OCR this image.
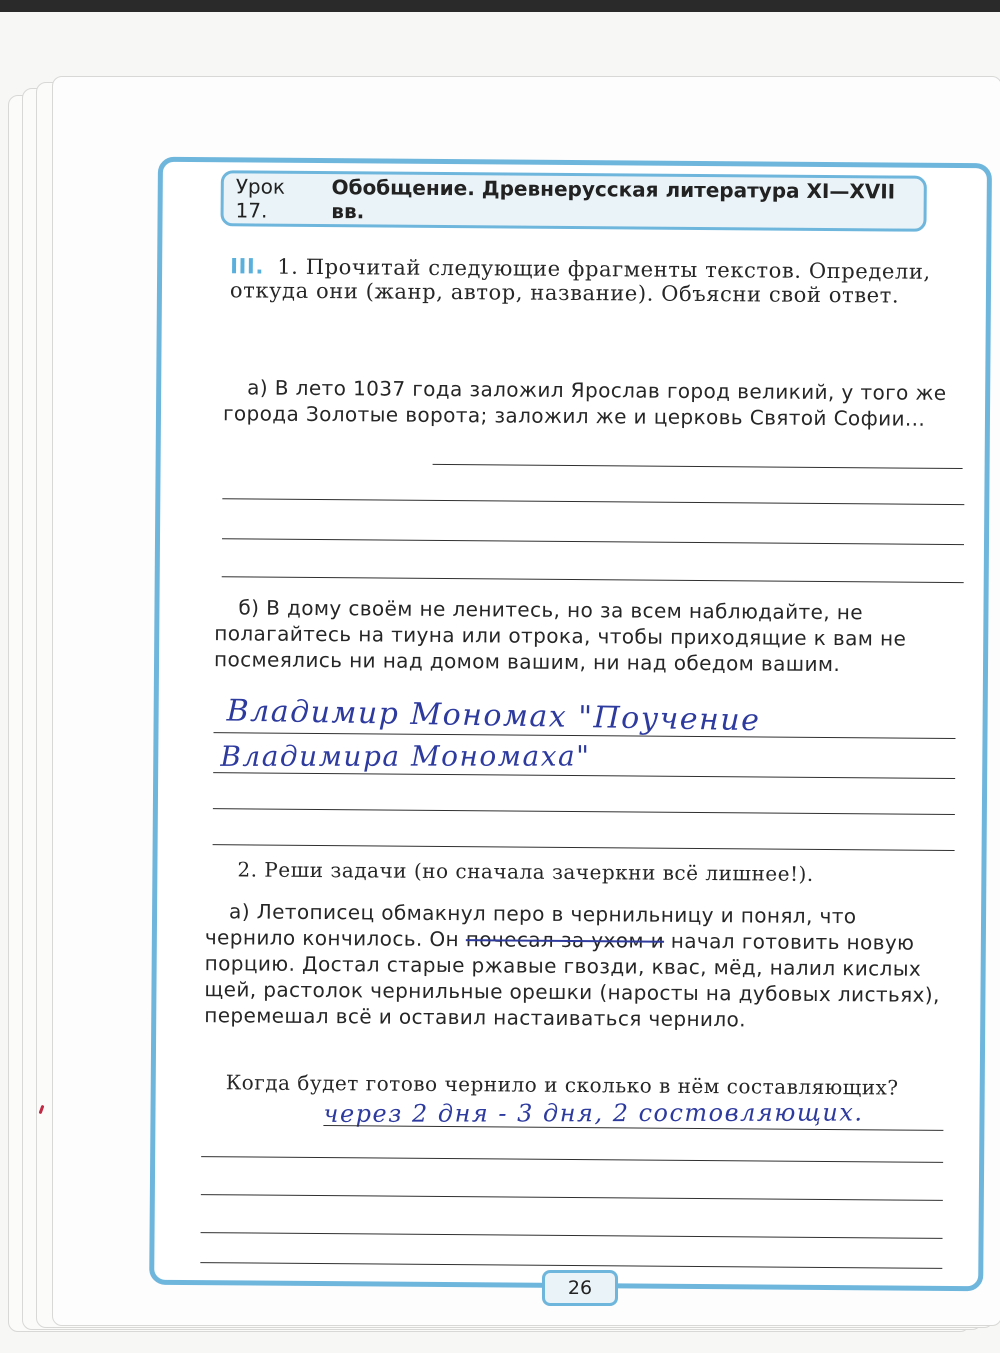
Урок 17.
Обобщение. Древнерусская литература XI—XVII вв.
III. 1. Прочитай следующие фрагменты текстов. Определи, откуда они (жанр, автор, название). Объясни свой ответ.
а) В лето 1037 года заложил Ярослав город великий, у того же города Золотые ворота; заложил же и церковь Святой Софии...
б) В дому своём не ленитесь, но за всем наблюдайте, не полагайтесь на тиуна или отрока, чтобы приходящие к вам не посмеялись ни над домом вашим, ни над обедом вашим.
Владимир Мономах "Поучение
Владимира Мономаха"
2. Реши задачи (но сначала зачеркни всё лишнее!).
а) Летописец обмакнул перо в чернильницу и понял, что чернило кончилось. Он почесал за ухом и начал готовить новую порцию. Достал старые ржавые гвозди, квас, мёд, налил кислых щей, растолок чернильные орешки (наросты на дубовых листьях), перемешал всё и оставил настаиваться чернило.
Когда будет готово чернило и сколько в нём составляющих?
через 2 дня - 3 дня, 2 состовляющих.
26
